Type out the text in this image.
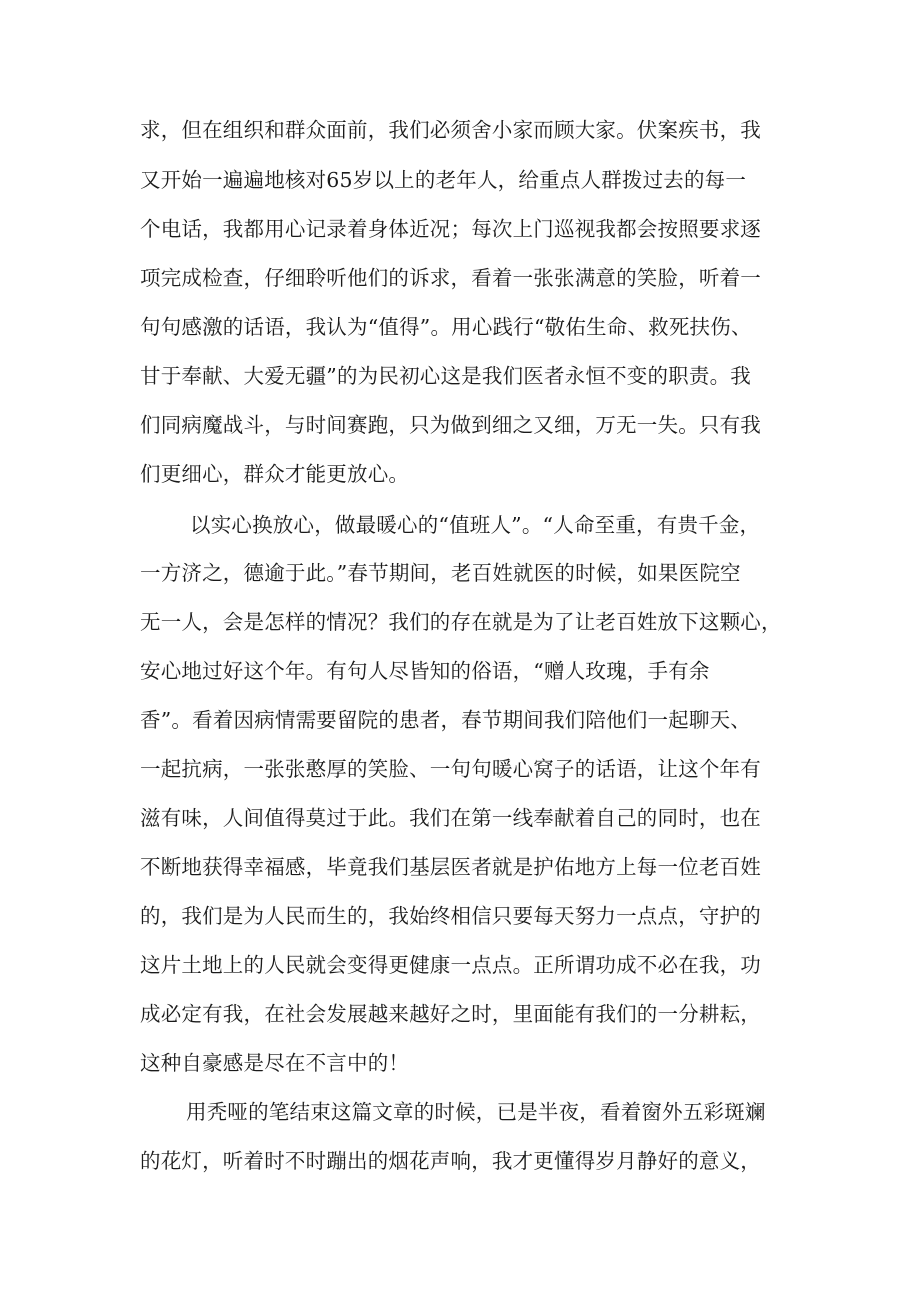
求，但在组织和群众面前，我们必须舍小家而顾大家。伏案疾书，我
又开始一遍遍地核对65岁以上的老年人，给重点人群拨过去的每一
个电话，我都用心记录着身体近况；每次上门巡视我都会按照要求逐
项完成检查，仔细聆听他们的诉求，看着一张张满意的笑脸，听着一
句句感激的话语，我认为“值得”。用心践行“敬佑生命、救死扶伤、
甘于奉献、大爱无疆”的为民初心这是我们医者永恒不变的职责。我
们同病魔战斗，与时间赛跑，只为做到细之又细，万无一失。只有我
们更细心，群众才能更放心。
以实心换放心，做最暖心的“值班人”。“人命至重，有贵千金，
一方济之，德逾于此。”春节期间，老百姓就医的时候，如果医院空
无一人，会是怎样的情况？我们的存在就是为了让老百姓放下这颗心，
安心地过好这个年。有句人尽皆知的俗语，“赠人玫瑰，手有余
香”。看着因病情需要留院的患者，春节期间我们陪他们一起聊天、
一起抗病，一张张憨厚的笑脸、一句句暖心窝子的话语，让这个年有
滋有味，人间值得莫过于此。我们在第一线奉献着自己的同时，也在
不断地获得幸福感，毕竟我们基层医者就是护佑地方上每一位老百姓
的，我们是为人民而生的，我始终相信只要每天努力一点点，守护的
这片土地上的人民就会变得更健康一点点。正所谓功成不必在我，功
成必定有我，在社会发展越来越好之时，里面能有我们的一分耕耘，
这种自豪感是尽在不言中的！
用秃哑的笔结束这篇文章的时候，已是半夜，看着窗外五彩斑斓
的花灯，听着时不时蹦出的烟花声响，我才更懂得岁月静好的意义，
